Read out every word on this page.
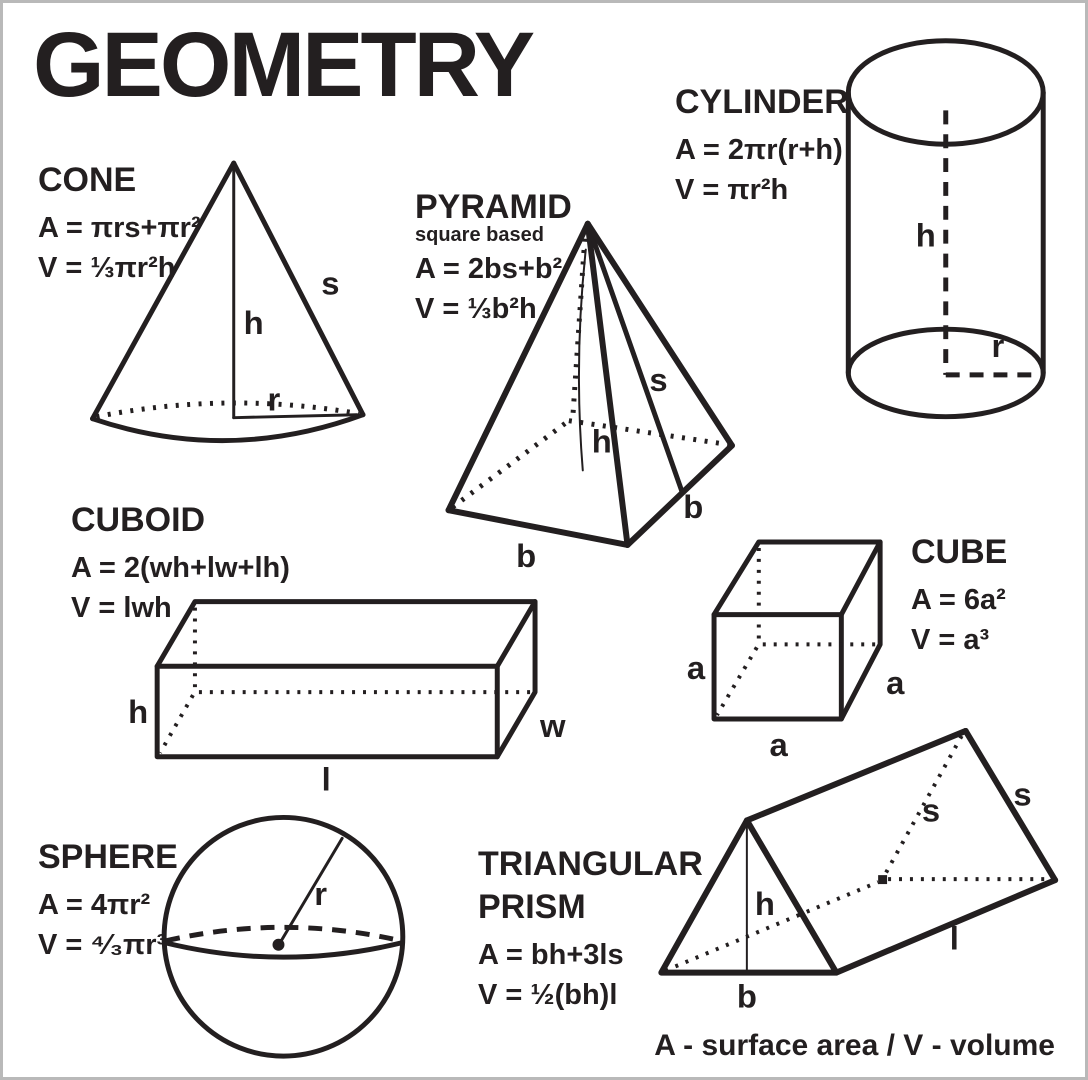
s
h
r
s
h
b
b
h
r
h	w
l
a
a
a
r	h
b
s s
l
GEOMETRY
CONE
A = πrs+πr²
V = ⅓πr²h
PYRAMID
square based
A = 2bs+b²
V = ⅓b²h
CYLINDER
A = 2πr(r+h)
V = πr²h
CUBOID
A = 2(wh+lw+lh)
V = lwh
CUBE
A = 6a²
V = a³
SPHERE
A = 4πr²
V = ⁴⁄₃πr³
TRIANGULAR
PRISM
A = bh+3ls
V = ½(bh)l
A - surface area / V - volume
